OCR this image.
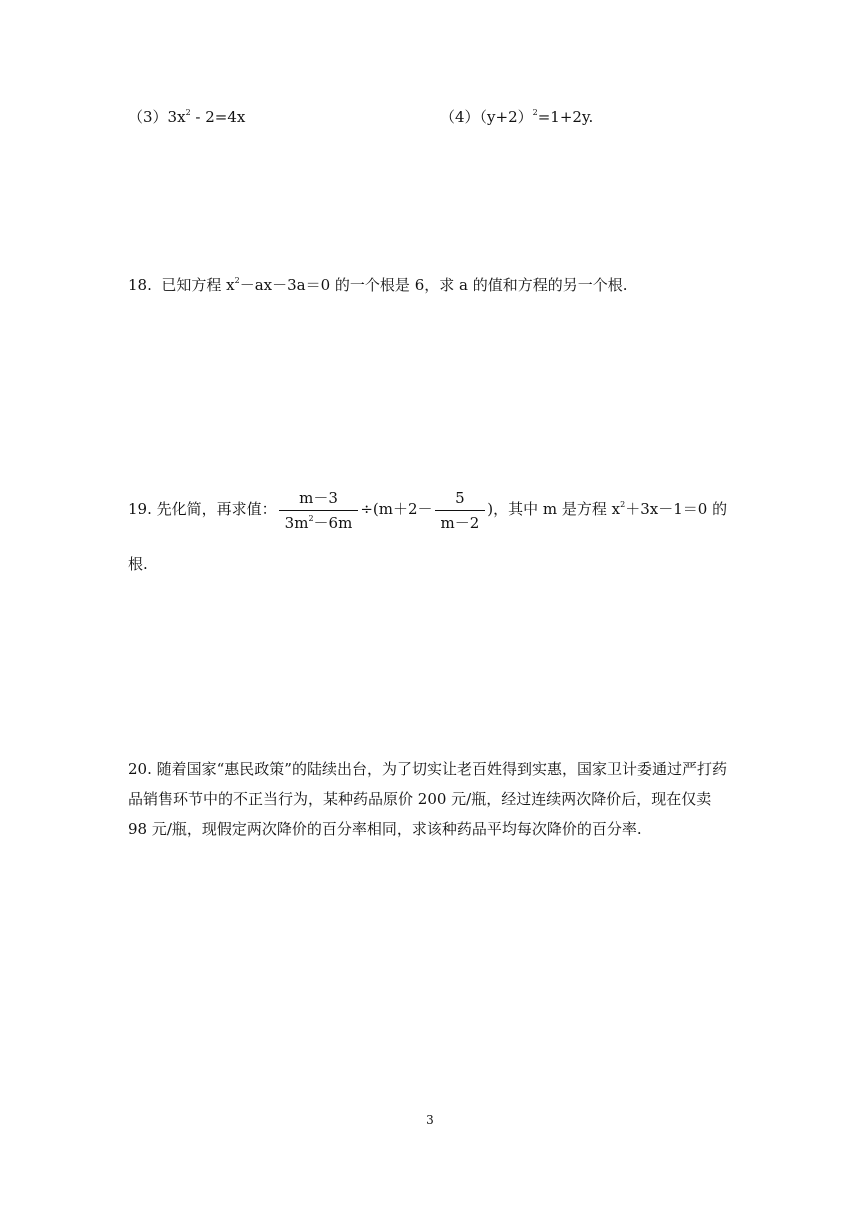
$(3)3x^2 - 2=4x$	$(4)(y+2)^2=1+2y$.
18. 已知方程 $x^2-ax-3a=0$ 的一个根是 6，求 a 的值和方程的另一个根.
19. 先化简，再求值： $\frac{m-3}{3m^2-6m} \div(m+2- \frac{5}{m-2}$ )，其中 m 是方程 $x^2+3x-1=0$ 的
根.
20. 随着国家“惠民政策”的陆续出台，为了切实让老百姓得到实惠，国家卫计委通过严打药品销售环节中的不正当行为，某种药品原价 200 元/瓶，经过连续两次降价后，现在仅卖 98 元/瓶，现假定两次降价的百分率相同，求该种药品平均每次降价的百分率.
3
